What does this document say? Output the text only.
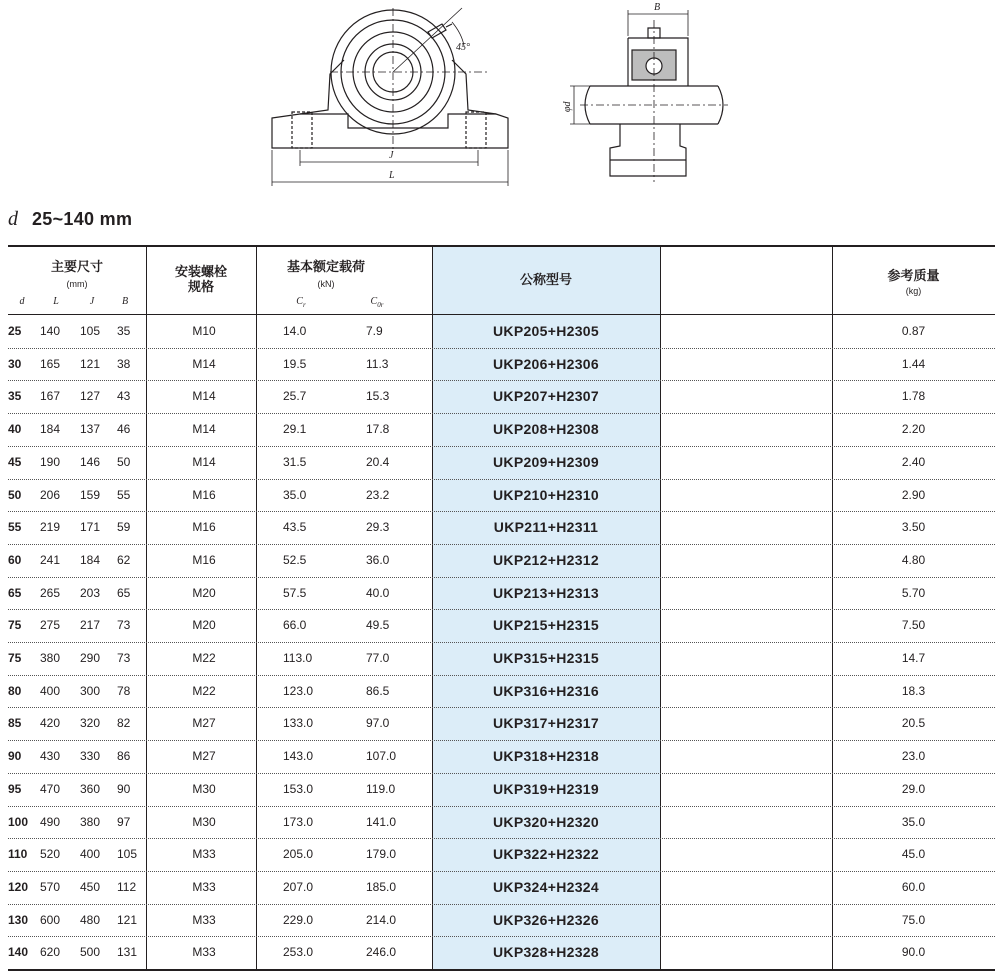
45°
J
L
B
φd
d 25~140 mm
主要尺寸
(mm)
d	L	J	B
安装螺栓
规格
基本额定载荷
(kN)
$C_r$	$C_{0r}$
公称型号	参考质量
(kg)
25	140 105 35	M10	14.0	7.9	UKP205+H2305	0.87
30	165 121 38	M14	19.5	11.3	UKP206+H2306	1.44
35	167 127 43	M14	25.7	15.3	UKP207+H2307	1.78
40	184 137 46	M14	29.1	17.8	UKP208+H2308	2.20
45	190 146 50	M14	31.5	20.4	UKP209+H2309	2.40
50	206 159 55	M16	35.0	23.2	UKP210+H2310	2.90
55	219 171 59	M16	43.5	29.3	UKP211+H2311	3.50
60	241 184 62	M16	52.5	36.0	UKP212+H2312	4.80
65	265 203 65	M20	57.5	40.0	UKP213+H2313	5.70
75	275 217 73	M20	66.0	49.5	UKP215+H2315	7.50
75	380 290 73	M22	113.0	77.0	UKP315+H2315	14.7
80	400 300 78	M22	123.0	86.5	UKP316+H2316	18.3
85	420 320 82	M27	133.0	97.0	UKP317+H2317	20.5
90	430 330 86	M27	143.0	107.0	UKP318+H2318	23.0
95	470 360 90	M30	153.0	119.0	UKP319+H2319	29.0
100 490 380 97	M30	173.0	141.0	UKP320+H2320	35.0
110 520 400 105	M33	205.0	179.0	UKP322+H2322	45.0
120 570 450 112	M33	207.0	185.0	UKP324+H2324	60.0
130 600 480 121	M33	229.0	214.0	UKP326+H2326	75.0
140 620 500 131	M33	253.0	246.0	UKP328+H2328	90.0
